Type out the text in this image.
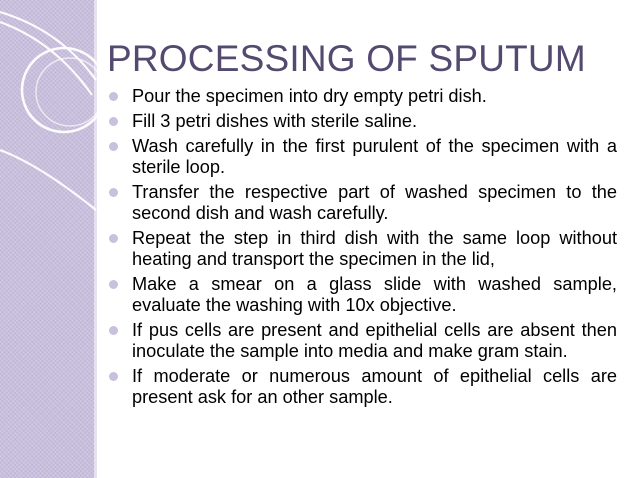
PROCESSING OF SPUTUM
Pour the specimen into dry empty petri dish.
Fill 3 petri dishes with sterile saline.
Wash carefully in the first purulent of the specimen with a sterile loop.
Transfer the respective part of washed specimen to the second dish and wash carefully.
Repeat the step in third dish with the same loop without heating and transport the specimen in the lid,
Make a smear on a glass slide with washed sample, evaluate the washing with 10x objective.
If pus cells are present and epithelial cells are absent then inoculate the sample into media and make gram stain.
If moderate or numerous amount of epithelial cells are present ask for an other sample.
